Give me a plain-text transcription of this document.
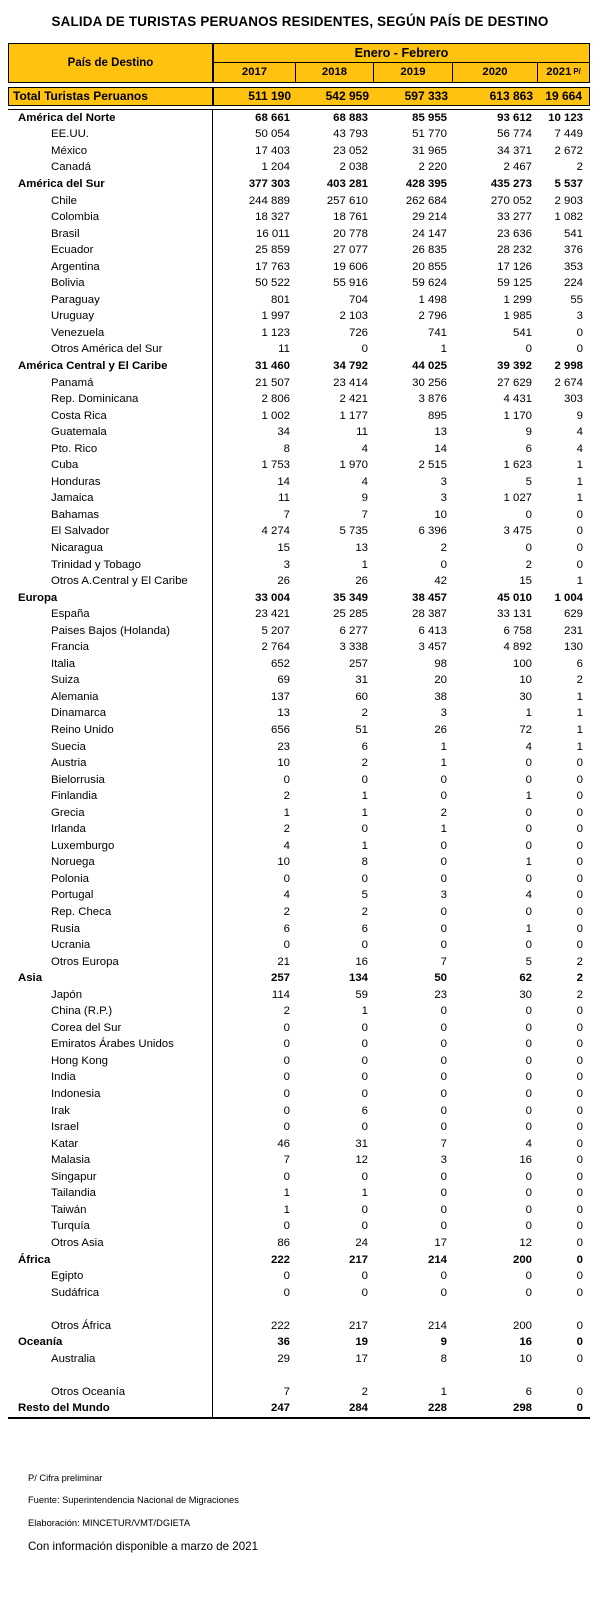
SALIDA DE TURISTAS PERUANOS RESIDENTES, SEGÚN PAÍS DE DESTINO
País de Destino
Enero - Febrero
2017	2018	2019	2020	2021 P/
Total Turistas Peruanos	511 190	542 959	597 333	613 863	19 664
América del Norte	68 661	68 883	85 955	93 612	10 123
EE.UU.	50 054	43 793	51 770	56 774	7 449
México	17 403	23 052	31 965	34 371	2 672
Canadá	1 204	2 038	2 220	2 467	2
América del Sur	377 303	403 281	428 395	435 273	5 537
Chile	244 889	257 610	262 684	270 052	2 903
Colombia	18 327	18 761	29 214	33 277	1 082
Brasil	16 011	20 778	24 147	23 636	541
Ecuador	25 859	27 077	26 835	28 232	376
Argentina	17 763	19 606	20 855	17 126	353
Bolivia	50 522	55 916	59 624	59 125	224
Paraguay	801	704	1 498	1 299	55
Uruguay	1 997	2 103	2 796	1 985	3
Venezuela	1 123	726	741	541	0
Otros América del Sur	11	0	1	0	0
América Central y El Caribe	31 460	34 792	44 025	39 392	2 998
Panamá	21 507	23 414	30 256	27 629	2 674
Rep. Dominicana	2 806	2 421	3 876	4 431	303
Costa Rica	1 002	1 177	895	1 170	9
Guatemala	34	11	13	9	4
Pto. Rico	8	4	14	6	4
Cuba	1 753	1 970	2 515	1 623	1
Honduras	14	4	3	5	1
Jamaica	11	9	3	1 027	1
Bahamas	7	7	10	0	0
El Salvador	4 274	5 735	6 396	3 475	0
Nicaragua	15	13	2	0	0
Trinidad y Tobago	3	1	0	2	0
Otros A.Central y El Caribe	26	26	42	15	1
Europa	33 004	35 349	38 457	45 010	1 004
España	23 421	25 285	28 387	33 131	629
Paises Bajos (Holanda)	5 207	6 277	6 413	6 758	231
Francia	2 764	3 338	3 457	4 892	130
Italia	652	257	98	100	6
Suiza	69	31	20	10	2
Alemania	137	60	38	30	1
Dinamarca	13	2	3	1	1
Reino Unido	656	51	26	72	1
Suecia	23	6	1	4	1
Austria	10	2	1	0	0
Bielorrusia	0	0	0	0	0
Finlandia	2	1	0	1	0
Grecia	1	1	2	0	0
Irlanda	2	0	1	0	0
Luxemburgo	4	1	0	0	0
Noruega	10	8	0	1	0
Polonia	0	0	0	0	0
Portugal	4	5	3	4	0
Rep. Checa	2	2	0	0	0
Rusia	6	6	0	1	0
Ucrania	0	0	0	0	0
Otros Europa	21	16	7	5	2
Asia	257	134	50	62	2
Japón	114	59	23	30	2
China (R.P.)	2	1	0	0	0
Corea del Sur	0	0	0	0	0
Emiratos Árabes Unidos	0	0	0	0	0
Hong Kong	0	0	0	0	0
India	0	0	0	0	0
Indonesia	0	0	0	0	0
Irak	0	6	0	0	0
Israel	0	0	0	0	0
Katar	46	31	7	4	0
Malasia	7	12	3	16	0
Singapur	0	0	0	0	0
Tailandia	1	1	0	0	0
Taiwán	1	0	0	0	0
Turquía	0	0	0	0	0
Otros Asia	86	24	17	12	0
África	222	217	214	200	0
Egipto	0	0	0	0	0
Sudáfrica	0	0	0	0	0
Otros África	222	217	214	200	0
Oceanía	36	19	9	16	0
Australia	29	17	8	10	0
Otros Oceanía	7	2	1	6	0
Resto del Mundo	247	284	228	298	0
P/ Cifra preliminar
Fuente: Superintendencia Nacional de Migraciones
Elaboración: MINCETUR/VMT/DGIETA
Con información disponible a marzo de 2021
